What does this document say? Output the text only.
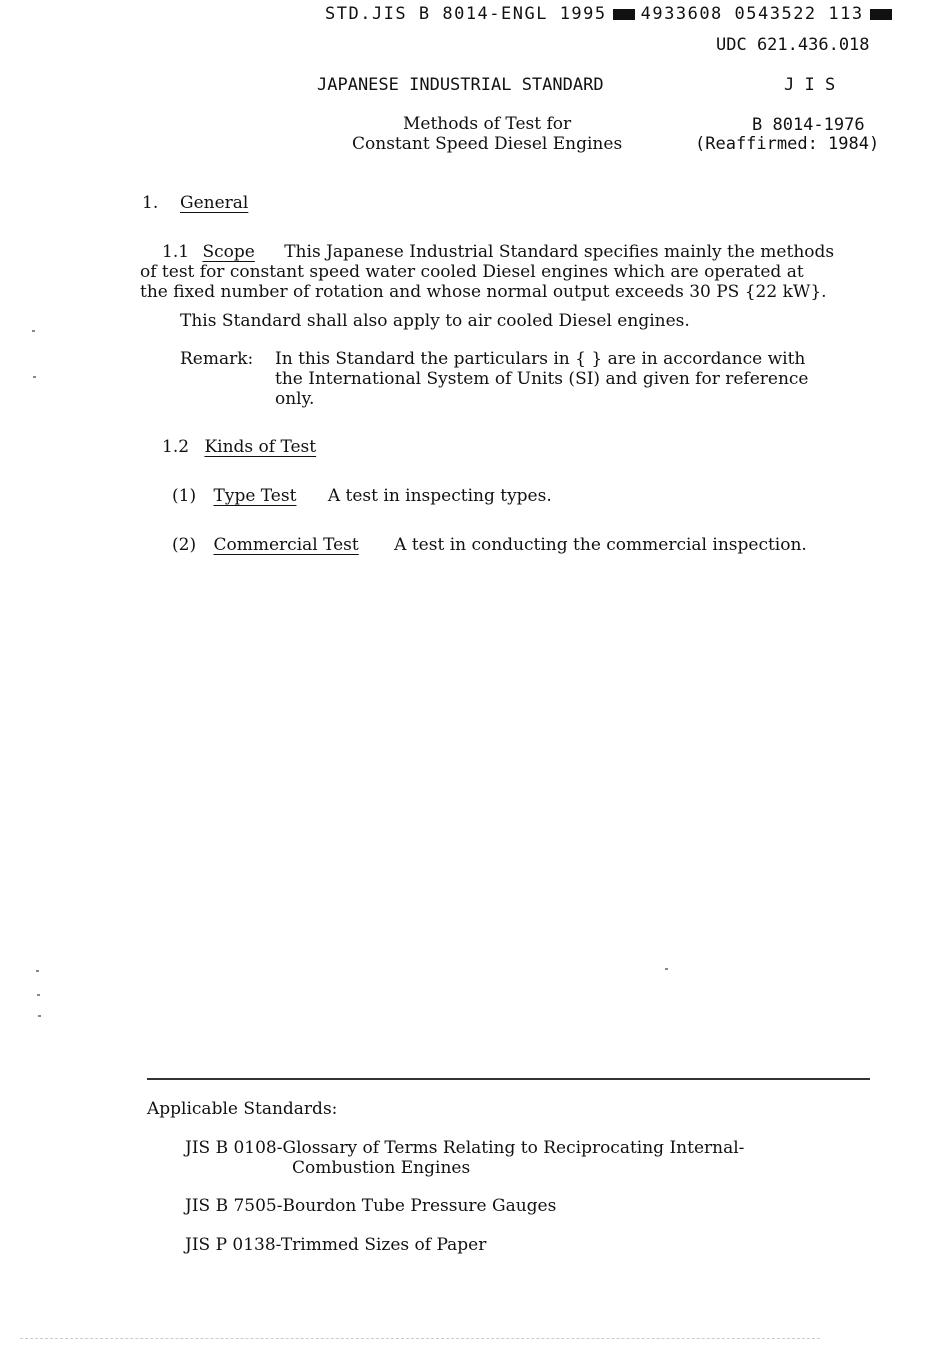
STD.JIS B 8014-ENGL 1995 4933608 0543522 113
UDC 621.436.018
JAPANESE INDUSTRIAL STANDARD	J I S
Methods of Test for
Constant Speed Diesel Engines
B 8014-1976
(Reaffirmed: 1984)
1. General
1.1 Scope This Japanese Industrial Standard specifies mainly the methods
of test for constant speed water cooled Diesel engines which are operated at
the fixed number of rotation and whose normal output exceeds 30 PS {22 kW}.
This Standard shall also apply to air cooled Diesel engines.
Remark: In this Standard the particulars in { } are in accordance with
the International System of Units (SI) and given for reference
only.
1.2 Kinds of Test
(1) Type Test A test in inspecting types.
(2) Commercial Test A test in conducting the commercial inspection.
Applicable Standards:
JIS B 0108-Glossary of Terms Relating to Reciprocating Internal-
Combustion Engines
JIS B 7505-Bourdon Tube Pressure Gauges
JIS P 0138-Trimmed Sizes of Paper
